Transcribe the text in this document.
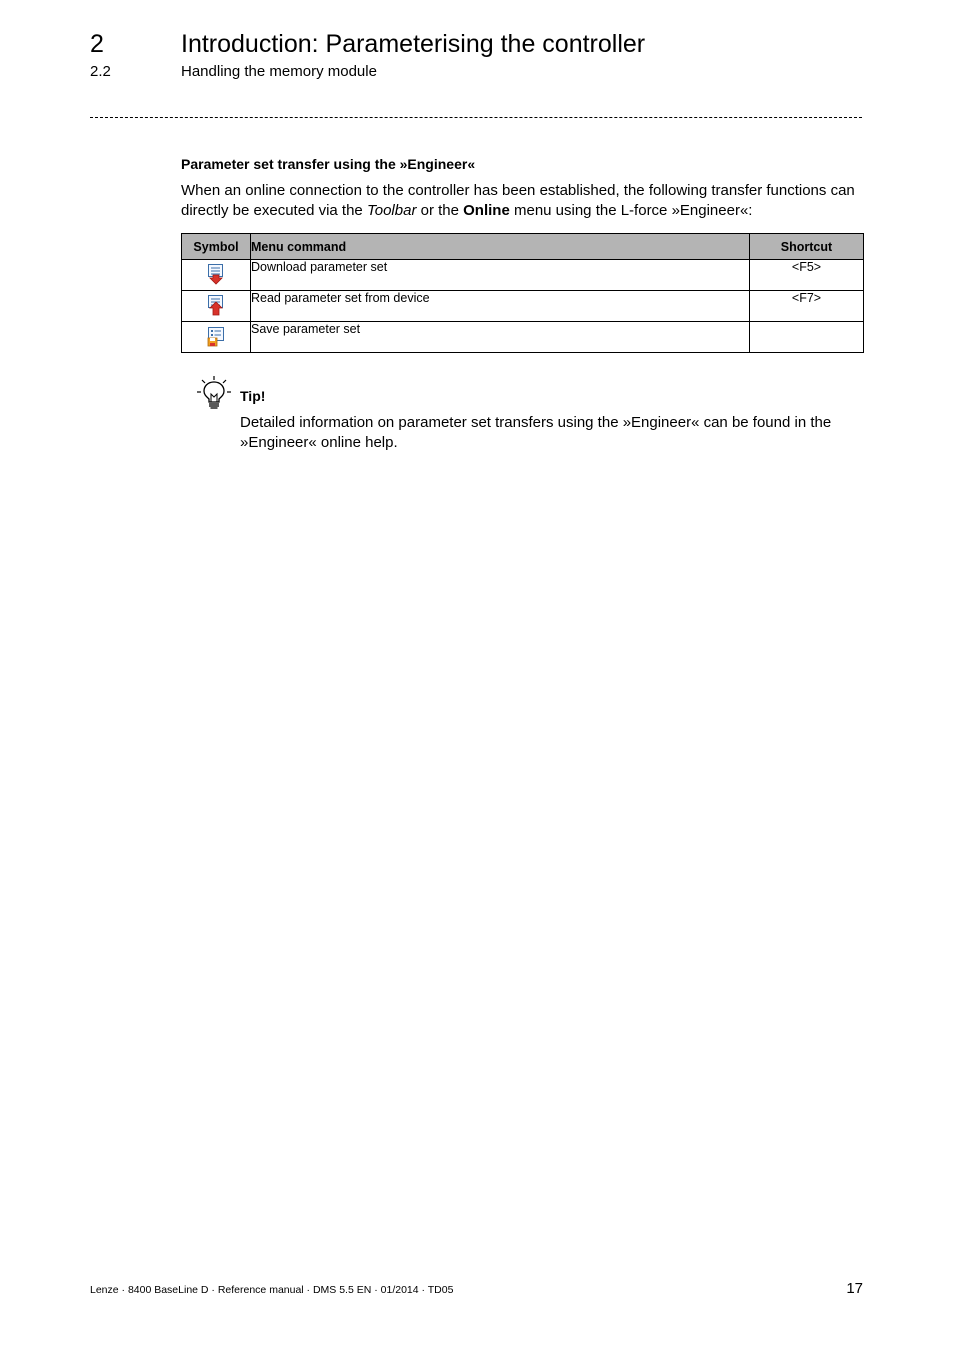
2	Introduction: Parameterising the controller
2.2	Handling the memory module
Parameter set transfer using the »Engineer«
When an online connection to the controller has been established, the following transfer functions can directly be executed via the Toolbar or the Online menu using the L-force »Engineer«:
Symbol	Menu command	Shortcut
	Download parameter set	<F5>
	Read parameter set from device	<F7>
	Save parameter set	
Tip!
Detailed information on parameter set transfers using the »Engineer« can be found in the »Engineer« online help.
Lenze · 8400 BaseLine D · Reference manual · DMS 5.5 EN · 01/2014 · TD05	17
